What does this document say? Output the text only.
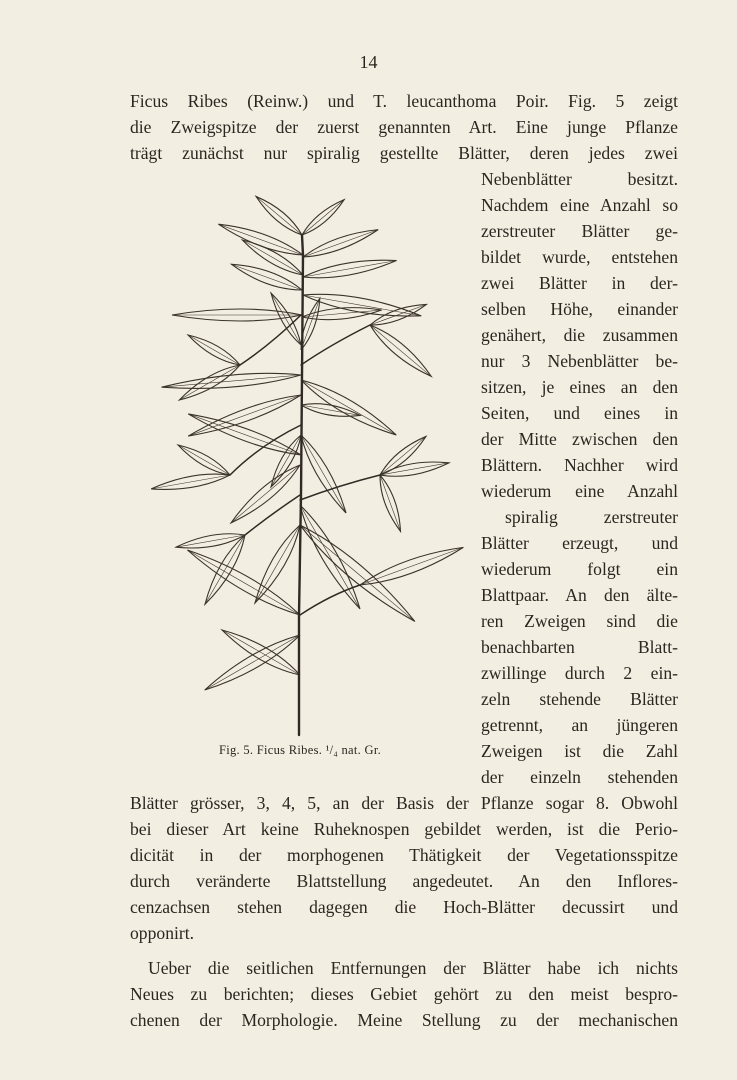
14
Ficus Ribes (Reinw.) und T. leucanthoma Poir. Fig. 5 zeigt
die Zweigspitze der zuerst genannten Art. Eine junge Pflanze
trägt zunächst nur spiralig gestellte Blätter, deren jedes zwei
Nebenblätter besitzt.
Nachdem eine Anzahl so
zerstreuter Blätter ge-
bildet wurde, entstehen
zwei Blätter in der-
selben Höhe, einander
genähert, die zusammen
nur 3 Nebenblätter be-
sitzen, je eines an den
Seiten, und eines in
der Mitte zwischen den
Blättern. Nachher wird
wiederum eine Anzahl
spiralig zerstreuter
Blätter erzeugt, und
wiederum folgt ein
Blattpaar. An den älte-
ren Zweigen sind die
benachbarten Blatt-
zwillinge durch 2 ein-
zeln stehende Blätter
getrennt, an jüngeren
Zweigen ist die Zahl
der einzeln stehenden
Blätter grösser, 3, 4, 5, an der Basis der Pflanze sogar 8. Obwohl
bei dieser Art keine Ruheknospen gebildet werden, ist die Perio-
dicität in der morphogenen Thätigkeit der Vegetationsspitze
durch veränderte Blattstellung angedeutet. An den Inflores-
cenzachsen stehen dagegen die Hoch-Blätter decussirt und
opponirt.
Ueber die seitlichen Entfernungen der Blätter habe ich nichts
Neues zu berichten; dieses Gebiet gehört zu den meist bespro-
chenen der Morphologie. Meine Stellung zu der mechanischen
Fig. 5. Ficus Ribes. ¹/₄ nat. Gr.
